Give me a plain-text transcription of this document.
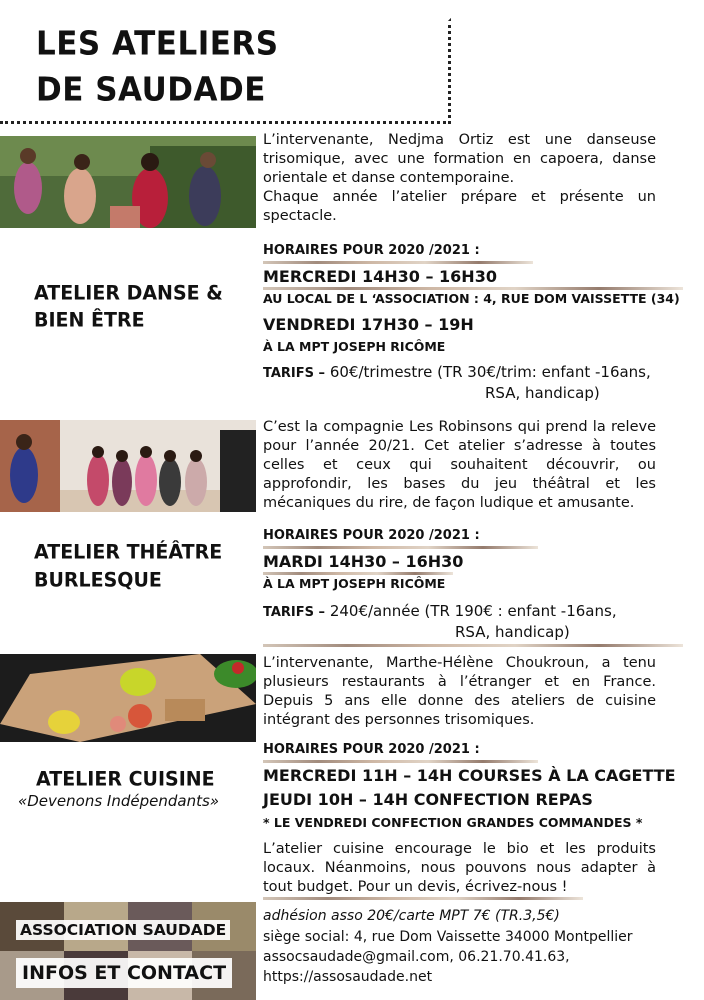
LES ATELIERS
DE SAUDADE
L’intervenante, Nedjma Ortiz est une danseuse trisomique, avec une formation en capoera, danse orientale et danse contemporaine.
Chaque année l’atelier prépare et présente un spectacle.
ATELIER DANSE &
BIEN ÊTRE
HORAIRES POUR 2020 /2021 :
MERCREDI 14H30 – 16H30
AU LOCAL DE L ‘ASSOCIATION : 4, RUE DOM VAISSETTE (34)
VENDREDI 17H30 – 19H
À LA MPT JOSEPH RICÔME
TARIFS – 60€/trimestre (TR 30€/trim: enfant -16ans,
RSA, handicap)
C’est la compagnie Les Robinsons qui prend la releve pour l’année 20/21. Cet atelier s’adresse à toutes celles et ceux qui souhaitent découvrir, ou approfondir, les bases du jeu théâtral et les mécaniques du rire, de façon ludique et amusante.
ATELIER THÉÂTRE
BURLESQUE
HORAIRES POUR 2020 /2021 :
MARDI 14H30 – 16H30
À LA MPT JOSEPH RICÔME
TARIFS – 240€/année (TR 190€ : enfant -16ans,
RSA, handicap)
L’intervenante, Marthe-Hélène Choukroun, a tenu plusieurs restaurants à l’étranger et en France. Depuis 5 ans elle donne des ateliers de cuisine intégrant des personnes trisomiques.
ATELIER CUISINE
«Devenons Indépendants»
HORAIRES POUR 2020 /2021 :
MERCREDI 11H – 14H COURSES À LA CAGETTE
JEUDI 10H – 14H CONFECTION REPAS
* LE VENDREDI CONFECTION GRANDES COMMANDES *
L’atelier cuisine encourage le bio et les produits locaux. Néanmoins, nous pouvons nous adapter à tout budget. Pour un devis, écrivez-nous !
ASSOCIATION SAUDADE
INFOS ET CONTACT
adhésion asso 20€/carte MPT 7€ (TR.3,5€)
siège social: 4, rue Dom Vaissette 34000 Montpellier
assocsaudade@gmail.com, 06.21.70.41.63,
https://assosaudade.net
